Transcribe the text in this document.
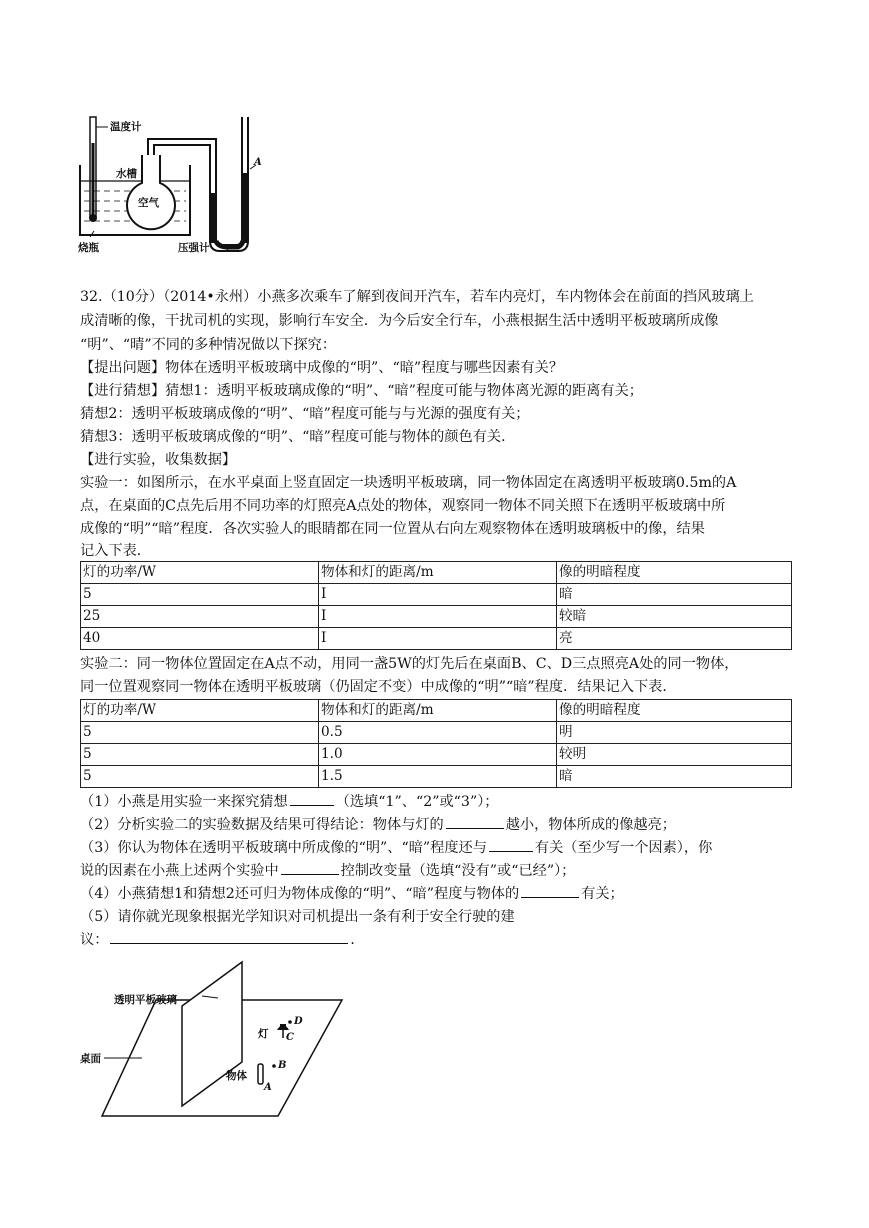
温度计
水槽
空气
烧瓶	压强计
A
32.（10分）（2014•永州）小燕多次乘车了解到夜间开汽车，若车内亮灯，车内物体会在前面的挡风玻璃上
成清晰的像，干扰司机的实现，影响行车安全．为今后安全行车，小燕根据生活中透明平板玻璃所成像
“明”、“晴”不同的多种情况做以下探究：
【提出问题】物体在透明平板玻璃中成像的“明”、“暗”程度与哪些因素有关？
【进行猜想】猜想1：透明平板玻璃成像的“明”、“暗”程度可能与物体离光源的距离有关；
猜想2：透明平板玻璃成像的“明”、“暗”程度可能与与光源的强度有关；
猜想3：透明平板玻璃成像的“明”、“暗”程度可能与物体的颜色有关．
【进行实验，收集数据】
实验一：如图所示，在水平桌面上竖直固定一块透明平板玻璃，同一物体固定在离透明平板玻璃0.5m的A
点，在桌面的C点先后用不同功率的灯照亮A点处的物体，观察同一物体不同关照下在透明平板玻璃中所
成像的“明”“暗”程度．各次实验人的眼睛都在同一位置从右向左观察物体在透明玻璃板中的像，结果
记入下表．
灯的功率/W	物体和灯的距离/m	像的明暗程度
5	I	暗
25	I	较暗
40	I	亮
实验二：同一物体位置固定在A点不动，用同一盏5W的灯先后在桌面B、C、D三点照亮A处的同一物体，
同一位置观察同一物体在透明平板玻璃（仍固定不变）中成像的“明”“暗”程度．结果记入下表．
灯的功率/W	物体和灯的距离/m	像的明暗程度
5	0.5	明
5	1.0	较明
5	1.5	暗
（1）小燕是用实验一来探究猜想	（选填“1”、“2”或“3”）；
（2）分析实验二的实验数据及结果可得结论：物体与灯的	越小，物体所成的像越亮；
（3）你认为物体在透明平板玻璃中所成像的“明”、“暗”程度还与	有关（至少写一个因素），你
说的因素在小燕上述两个实验中	控制改变量（选填“没有”或“已经”）；
（4）小燕猜想1和猜想2还可归为物体成像的“明”、“暗”程度与物体的	有关；
（5）请你就光现象根据光学知识对司机提出一条有利于安全行驶的建
议：	．
透明平板玻璃
桌面
灯
物体
D
C
B
A
